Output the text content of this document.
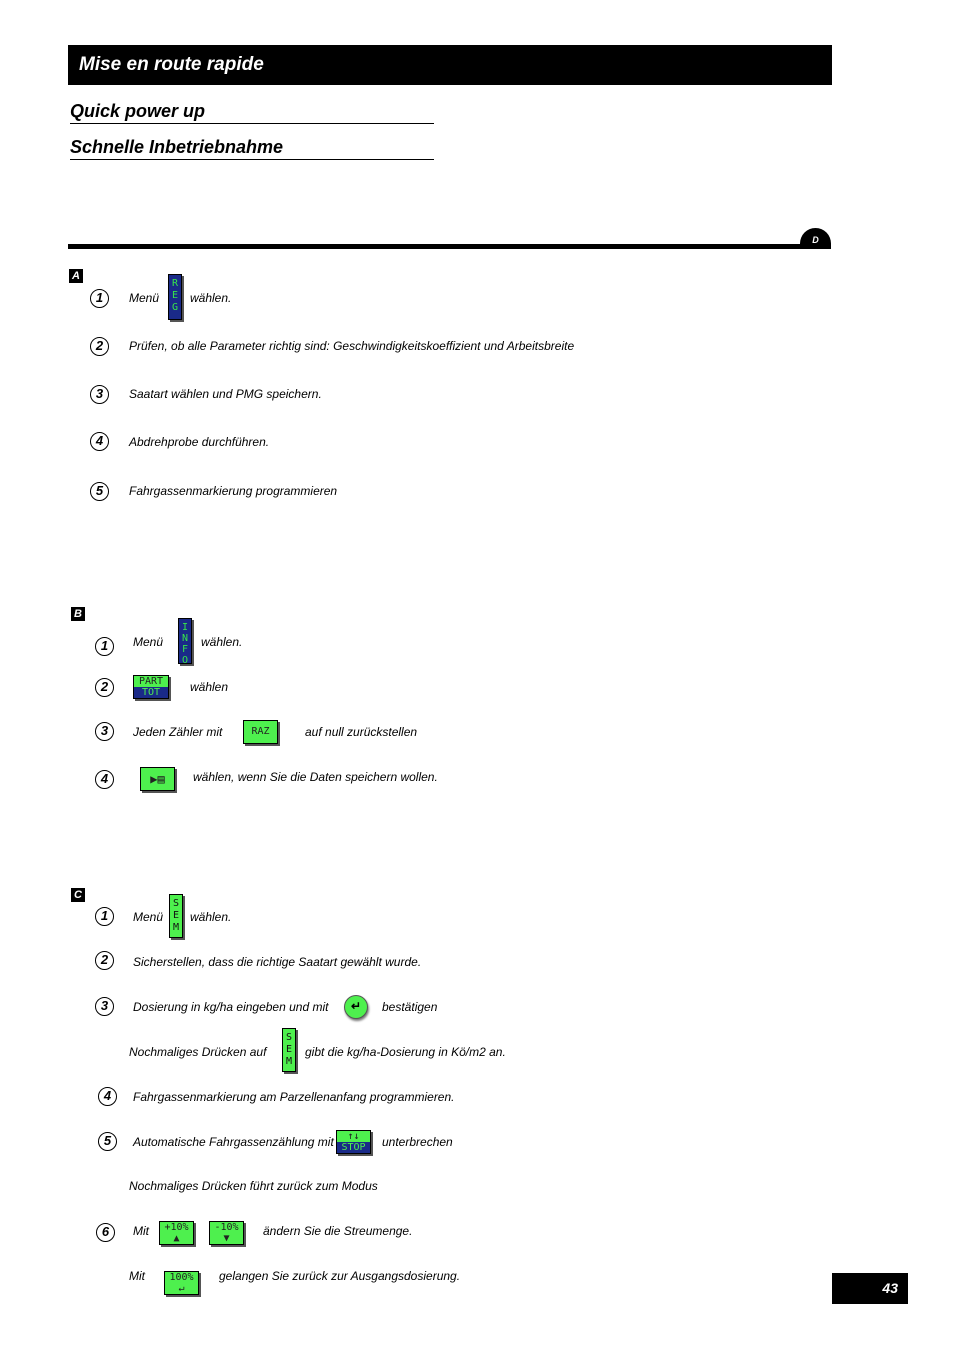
Mise en route rapide
Quick power up
Schnelle Inbetriebnahme
D
A
1	Menü REG wählen.
2	Prüfen, ob alle Parameter richtig sind: Geschwindigkeitskoeffizient und Arbeitsbreite
3	Saatart wählen und PMG speichern.
4	Abdrehprobe durchführen.
5	Fahrgassenmarkierung programmieren
B
1	Menü INFO wählen.
2	PART
TOT	wählen
3	Jeden Zähler mit	RAZ	auf null zurückstellen
4	▶▤	wählen, wenn Sie die Daten speichern wollen.
C
1	Menü SEM wählen.
2	Sicherstellen, dass die richtige Saatart gewählt wurde.
3	Dosierung in kg/ha eingeben und mit	↵	bestätigen
Nochmaliges Drücken auf SEM gibt die kg/ha-Dosierung in Kö/m2 an.
4	Fahrgassenmarkierung am Parzellenanfang programmieren.
5	Automatische Fahrgassenzählung mit	↑↓
STOP	unterbrechen
Nochmaliges Drücken führt zurück zum Modus
6	Mit	+10%
▲
-10%
▼
ändern Sie die Streumenge.
Mit	100%
↵
gelangen Sie zurück zur Ausgangsdosierung.
43
